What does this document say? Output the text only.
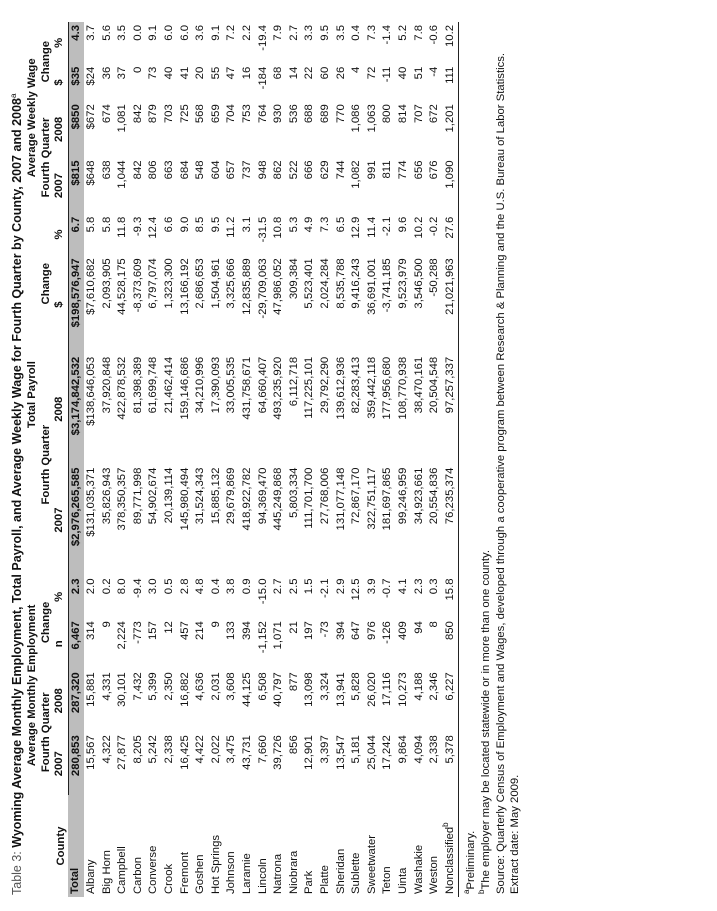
Table 3: Wyoming Average Monthly Employment, Total Payroll, and Average Weekly Wage for Fourth Quarter by County, 2007 and 2008$^a$
County	Average Monthly Employment				Total Payroll				Average Weekly Wage			
	Fourth Quarter		Change		Fourth Quarter		Change		Fourth Quarter		Change	
	2007	2008	n	%	2007	2008	$	%	2007	2008	$	%
Total	280,853	287,320	6,467	2.3	$2,976,265,585	$3,174,842,532	$198,576,947	6.7	$815	$850	$35	4.3
Albany	15,567	15,881	314	2.0	$131,035,371	$138,646,053	$7,610,682	5.8	$648	$672	$24	3.7
Big Horn	4,322	4,331	9	0.2	35,826,943	37,920,848	2,093,905	5.8	638	674	36	5.6
Campbell	27,877	30,101	2,224	8.0	378,350,357	422,878,532	44,528,175	11.8	1,044	1,081	37	3.5
Carbon	8,205	7,432	-773	-9.4	89,771,998	81,398,389	-8,373,609	-9.3	842	842	0	0.0
Converse	5,242	5,399	157	3.0	54,902,674	61,699,748	6,797,074	12.4	806	879	73	9.1
Crook	2,338	2,350	12	0.5	20,139,114	21,462,414	1,323,300	6.6	663	703	40	6.0
Fremont	16,425	16,882	457	2.8	145,980,494	159,146,686	13,166,192	9.0	684	725	41	6.0
Goshen	4,422	4,636	214	4.8	31,524,343	34,210,996	2,686,653	8.5	548	568	20	3.6
Hot Springs	2,022	2,031	9	0.4	15,885,132	17,390,093	1,504,961	9.5	604	659	55	9.1
Johnson	3,475	3,608	133	3.8	29,679,869	33,005,535	3,325,666	11.2	657	704	47	7.2
Laramie	43,731	44,125	394	0.9	418,922,782	431,758,671	12,835,889	3.1	737	753	16	2.2
Lincoln	7,660	6,508	-1,152	-15.0	94,369,470	64,660,407	-29,709,063	-31.5	948	764	-184	-19.4
Natrona	39,726	40,797	1,071	2.7	445,249,868	493,235,920	47,986,052	10.8	862	930	68	7.9
Niobrara	856	877	21	2.5	5,803,334	6,112,718	309,384	5.3	522	536	14	2.7
Park	12,901	13,098	197	1.5	111,701,700	117,225,101	5,523,401	4.9	666	688	22	3.3
Platte	3,397	3,324	-73	-2.1	27,768,006	29,792,290	2,024,284	7.3	629	689	60	9.5
Sheridan	13,547	13,941	394	2.9	131,077,148	139,612,936	8,535,788	6.5	744	770	26	3.5
Sublette	5,181	5,828	647	12.5	72,867,170	82,283,413	9,416,243	12.9	1,082	1,086	4	0.4
Sweetwater	25,044	26,020	976	3.9	322,751,117	359,442,118	36,691,001	11.4	991	1,063	72	7.3
Teton	17,242	17,116	-126	-0.7	181,697,865	177,956,680	-3,741,185	-2.1	811	800	-11	-1.4
Uinta	9,864	10,273	409	4.1	99,246,959	108,770,938	9,523,979	9.6	774	814	40	5.2
Washakie	4,094	4,188	94	2.3	34,923,661	38,470,161	3,546,500	10.2	656	707	51	7.8
Weston	2,338	2,346	8	0.3	20,554,836	20,504,548	-50,288	-0.2	676	672	-4	-0.6
Nonclassified$^b$	5,378	6,227	850	15.8	76,235,374	97,257,337	21,021,963	27.6	1,090	1,201	111	10.2
$^a$Preliminary.
$^b$The employer may be located statewide or in more than one county. Source: Quarterly Census of Employment and Wages, developed through a cooperative program between Research & Planning and the U.S. Bureau of Labor Statistics. Extract date: May 2009.
